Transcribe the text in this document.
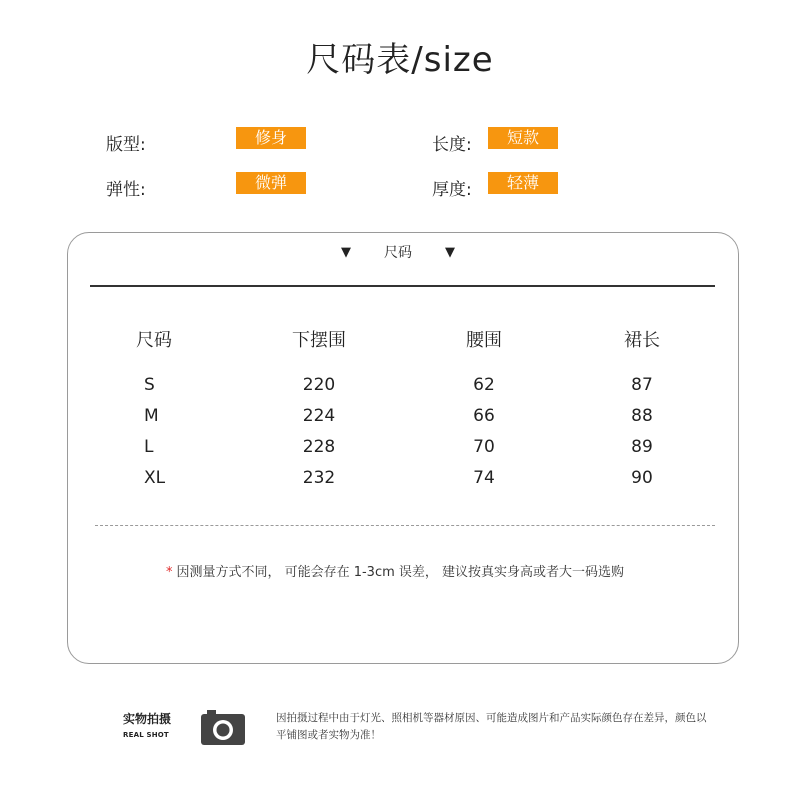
尺码表/size
版型:	修身	长度:	短款
弹性:	微弹	厚度:	轻薄
▼	尺码	▼
尺码	下摆围	腰围	裙长
S	220	62	87
M	224	66	88
L	228	70	89
XL	232	74	90
* 因测量方式不同， 可能会存在 1-3cm 误差， 建议按真实身高或者大一码选购
实物拍摄
REAL SHOT
因拍摄过程中由于灯光、照相机等器材原因、可能造成图片和产品实际颜色存在差异，颜色以平铺图或者实物为准！
